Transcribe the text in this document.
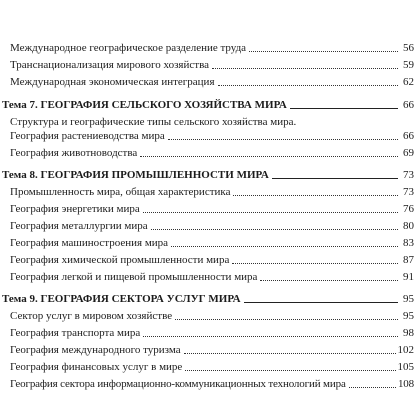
Международное географическое разделение труда	56
Транснационализация мирового хозяйства	59
Международная экономическая интеграция	62
Тема 7. ГЕОГРАФИЯ СЕЛЬСКОГО ХОЗЯЙСТВА МИРА	66
Структура и географические типы сельского хозяйства мира.
География растениеводства мира	66
География животноводства	69
Тема 8. ГЕОГРАФИЯ ПРОМЫШЛЕННОСТИ МИРА	73
Промышленность мира, общая характеристика	73
География энергетики мира	76
География металлургии мира	80
География машиностроения мира	83
География химической промышленности мира	87
География легкой и пищевой промышленности мира	91
Тема 9. ГЕОГРАФИЯ СЕКТОРА УСЛУГ МИРА	95
Сектор услуг в мировом хозяйстве	95
География транспорта мира	98
География международного туризма	102
География финансовых услуг в мире	105
География сектора информационно-коммуникационных технологий мира	108
